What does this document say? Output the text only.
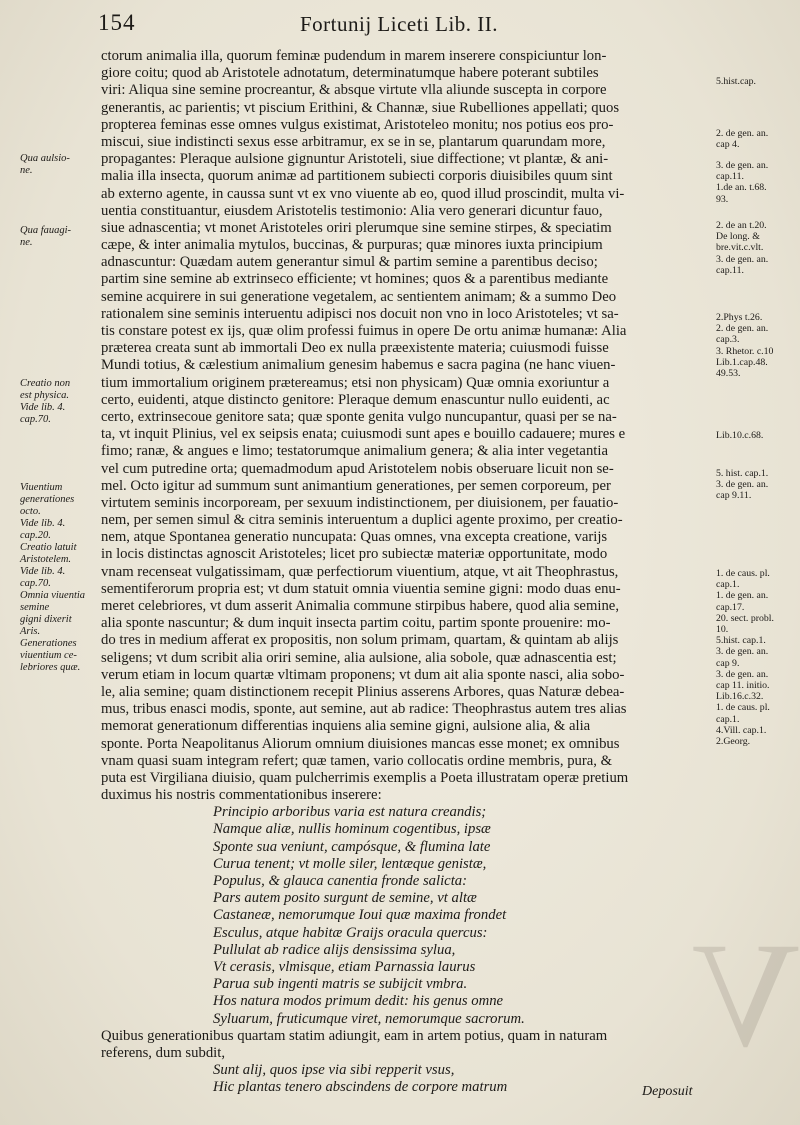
V
154	Fortunij Liceti Lib. II.
Qua aulsio-
ne.
Qua fauagi-
ne.
Creatio non
est physica.
Vide lib. 4.
cap.70.
Viuentium
generationes
octo.
Vide lib. 4.
cap.20.
Creatio latuit
Aristotelem.
Vide lib. 4.
cap.70.
Omnia viuentia
semine
gigni dixerit
Aris.
Generationes
viuentium ce-
lebriores quæ.
5.hist.cap.
2. de gen. an.
cap 4.
3. de gen. an.
cap.11.
1.de an. t.68.
93.
2. de an t.20.
De long. &
bre.vit.c.vlt.
3. de gen. an.
cap.11.
2.Phys t.26.
2. de gen. an.
cap.3.
3. Rhetor. c.10
Lib.1.cap.48.
49.53.
Lib.10.c.68.
5. hist. cap.1.
3. de gen. an.
cap 9.11.
1. de caus. pl.
cap.1.
1. de gen. an.
cap.17.
20. sect. probl.
10.
5.hist. cap.1.
3. de gen. an.
cap 9.
3. de gen. an.
cap 11. initio.
Lib.16.c.32.
1. de caus. pl.
cap.1.
4.Vill. cap.1.
2.Georg.
ctorum animalia illa, quorum feminæ pudendum in marem inserere conspiciuntur lon-
giore coitu; quod ab Aristotele adnotatum, determinatumque habere poterant subtiles
viri: Aliqua sine semine procreantur, & absque virtute vlla aliunde suscepta in corpore
generantis, ac parientis; vt piscium Erithini, & Channæ, siue Rubelliones appellati; quos
propterea feminas esse omnes vulgus existimat, Aristoteleo monitu; nos potius eos pro-
miscui, siue indistincti sexus esse arbitramur, ex se in se, plantarum quarundam more,
propagantes: Pleraque aulsione gignuntur Aristoteli, siue diffectione; vt plantæ, & ani-
malia illa insecta, quorum animæ ad partitionem subiecti corporis diuisibiles quum sint
ab externo agente, in caussa sunt vt ex vno viuente ab eo, quod illud proscindit, multa vi-
uentia constituantur, eiusdem Aristotelis testimonio: Alia vero generari dicuntur fauo,
siue adnascentia; vt monet Aristoteles oriri plerumque sine semine stirpes, & speciatim
cæpe, & inter animalia mytulos, buccinas, & purpuras; quæ minores iuxta principium
adnascuntur: Quædam autem generantur simul & partim semine a parentibus deciso;
partim sine semine ab extrinseco efficiente; vt homines; quos & a parentibus mediante
semine acquirere in sui generatione vegetalem, ac sentientem animam; & a summo Deo
rationalem sine seminis interuentu adipisci nos docuit non vno in loco Aristoteles; vt sa-
tis constare potest ex ijs, quæ olim professi fuimus in opere De ortu animæ humanæ: Alia
præterea creata sunt ab immortali Deo ex nulla præexistente materia; cuiusmodi fuisse
Mundi totius, & cælestium animalium genesim habemus e sacra pagina (ne hanc viuen-
tium immortalium originem prætereamus; etsi non physicam) Quæ omnia exoriuntur a
certo, euidenti, atque distincto genitore: Pleraque demum enascuntur nullo euidenti, ac
certo, extrinsecoue genitore sata; quæ sponte genita vulgo nuncupantur, quasi per se na-
ta, vt inquit Plinius, vel ex seipsis enata; cuiusmodi sunt apes e bouillo cadauere; mures e
fimo; ranæ, & angues e limo; testatorumque animalium genera; & alia inter vegetantia
vel cum putredine orta; quemadmodum apud Aristotelem nobis obseruare licuit non se-
mel. Octo igitur ad summum sunt animantium generationes, per semen corporeum, per
virtutem seminis incorpoream, per sexuum indistinctionem, per diuisionem, per fauatio-
nem, per semen simul & citra seminis interuentum a duplici agente proximo, per creatio-
nem, atque Spontanea generatio nuncupata: Quas omnes, vna excepta creatione, varijs
in locis distinctas agnoscit Aristoteles; licet pro subiectæ materiæ opportunitate, modo
vnam recenseat vulgatissimam, quæ perfectiorum viuentium, atque, vt ait Theophrastus,
sementiferorum propria est; vt dum statuit omnia viuentia semine gigni: modo duas enu-
meret celebriores, vt dum asserit Animalia commune stirpibus habere, quod alia semine,
alia sponte nascuntur; & dum inquit insecta partim coitu, partim sponte prouenire: mo-
do tres in medium afferat ex propositis, non solum primam, quartam, & quintam ab alijs
seligens; vt dum scribit alia oriri semine, alia aulsione, alia sobole, quæ adnascentia est;
verum etiam in locum quartæ vltimam proponens; vt dum ait alia sponte nasci, alia sobo-
le, alia semine; quam distinctionem recepit Plinius asserens Arbores, quas Naturæ debea-
mus, tribus enasci modis, sponte, aut semine, aut ab radice: Theophrastus autem tres alias
memorat generationum differentias inquiens alia semine gigni, aulsione alia, & alia
sponte. Porta Neapolitanus Aliorum omnium diuisiones mancas esse monet; ex omnibus
vnam quasi suam integram refert; quæ tamen, vario collocatis ordine membris, pura, &
puta est Virgiliana diuisio, quam pulcherrimis exemplis a Poeta illustratam operæ pretium
duximus his nostris commentationibus inserere:
Principio arboribus varia est natura creandis;
Namque aliæ, nullis hominum cogentibus, ipsæ
Sponte sua veniunt, campósque, & flumina late
Curua tenent; vt molle siler, lentæque genistæ,
Populus, & glauca canentia fronde salicta:
Pars autem posito surgunt de semine, vt altæ
Castaneæ, nemorumque Ioui quæ maxima frondet
Esculus, atque habitæ Graijs oracula quercus:
Pullulat ab radice alijs densissima sylua,
Vt cerasis, vlmisque, etiam Parnassia laurus
Parua sub ingenti matris se subijcit vmbra.
Hos natura modos primum dedit: his genus omne
Syluarum, fruticumque viret, nemorumque sacrorum.
Quibus generationibus quartam statim adiungit, eam in artem potius, quam in naturam
referens, dum subdit,
Sunt alij, quos ipse via sibi repperit vsus,
Hic plantas tenero abscindens de corpore matrum	Deposuit
